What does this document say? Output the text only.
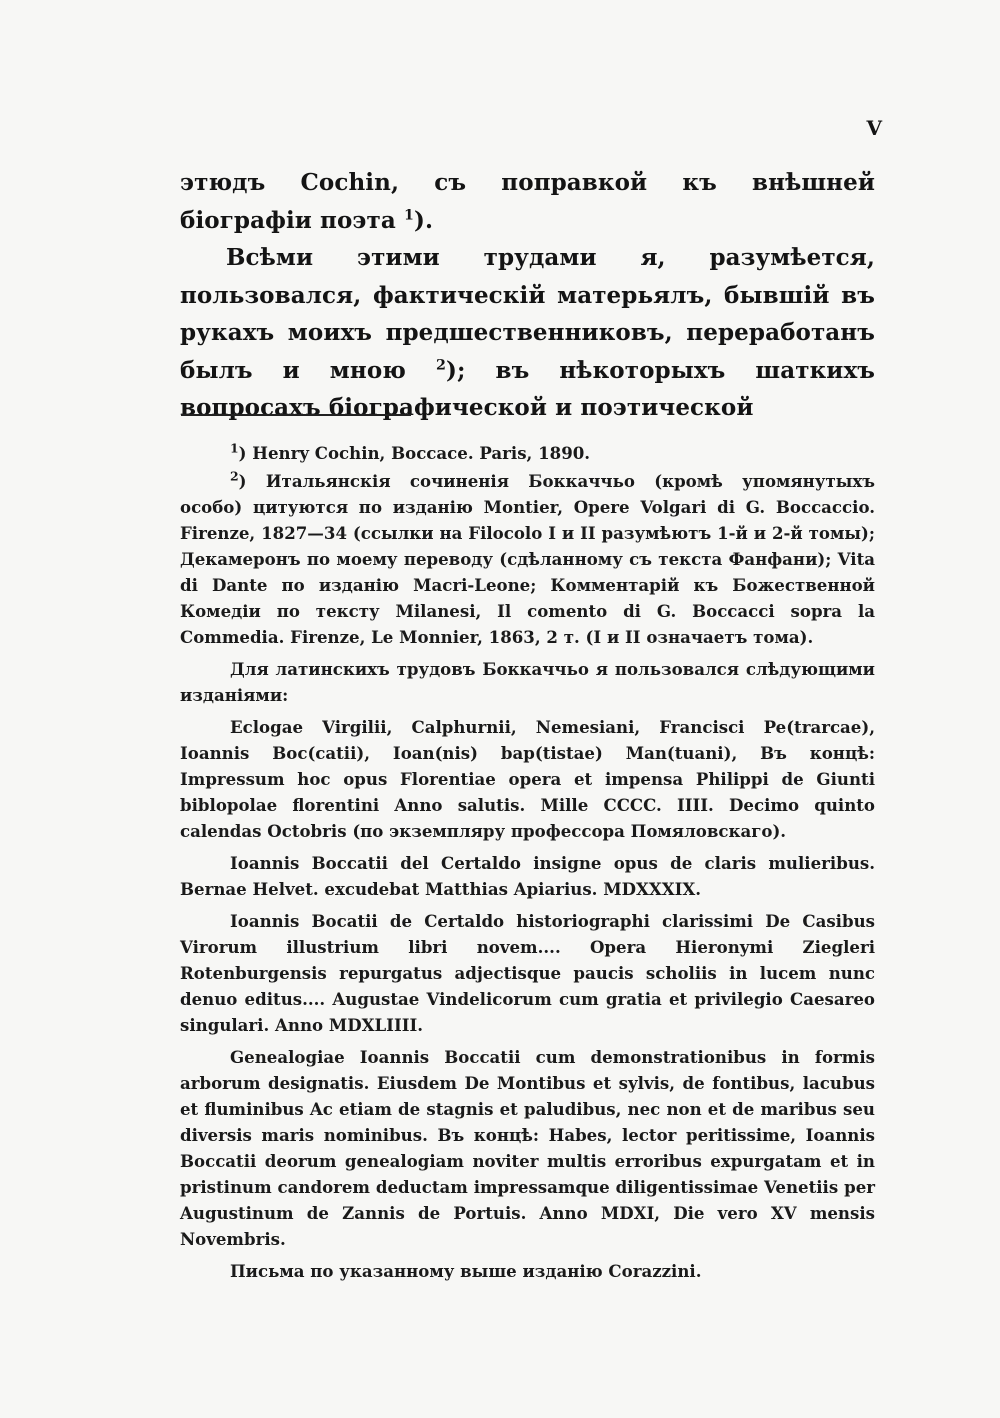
V

этюдъ Cochin, съ поправкой къ внѣшней біографіи поэта $^1$).

Всѣми этими трудами я, разумѣется, пользовался, фактическій матерьялъ, бывшій въ рукахъ моихъ предшественниковъ, переработанъ былъ и мною $^2$); въ нѣкоторыхъ шаткихъ вопросахъ біографической и поэтической

$^1$) Henry Cochin, Boccace. Paris, 1890.

$^2$) Итальянскія сочиненія Боккаччьо (кромѣ упомянутыхъ особо) цитуются по изданію Montier, Opere Volgari di G. Boccaccio. Firenze, 1827—34 (ссылки на Filocolo I и II разумѣютъ 1-й и 2-й томы); Декамеронъ по моему переводу (сдѣланному съ текста Фанфани); Vita di Dante по изданію Macri-Leone; Комментарій къ Божественной Комедіи по тексту Milanesi, Il comento di G. Boccacci sopra la Commedia. Firenze, Le Monnier, 1863, 2 т. (I и II означаетъ тома).

Для латинскихъ трудовъ Боккаччьо я пользовался слѣдующими изданіями:

Eclogae Virgilii, Calphurnii, Nemesiani, Francisci Pe(trarcae), Ioannis Boc(catii), Ioan(nis) bap(tistae) Man(tuani), Въ концѣ: Impressum hoc opus Florentiae opera et impensa Philippi de Giunti biblopolae florentini Anno salutis. Mille CCCC. IIII. Decimo quinto calendas Octobris (по экземпляру профессора Помяловскаго).

Ioannis Boccatii del Certaldo insigne opus de claris mulieribus. Bernae Helvet. excudebat Matthias Apiarius. MDXXXIX.

Ioannis Bocatii de Certaldo historiographi clarissimi De Casibus Virorum illustrium libri novem.... Opera Hieronymi Ziegleri Rotenburgensis repurgatus adjectisque paucis scholiis in lucem nunc denuo editus.... Augustae Vindelicorum cum gratia et privilegio Caesareo singulari. Anno MDXLIIII.

Genealogiae Ioannis Boccatii cum demonstrationibus in formis arborum designatis. Eiusdem De Montibus et sylvis, de fontibus, lacubus et fluminibus Ac etiam de stagnis et paludibus, nec non et de maribus seu diversis maris nominibus. Въ концѣ: Habes, lector peritissime, Ioannis Boccatii deorum genealogiam noviter multis erroribus expurgatam et in pristinum candorem deductam impressamque diligentissimae Venetiis per Augustinum de Zannis de Portuis. Anno MDXI, Die vero XV mensis Novembris.

Письма по указанному выше изданію Corazzini.
